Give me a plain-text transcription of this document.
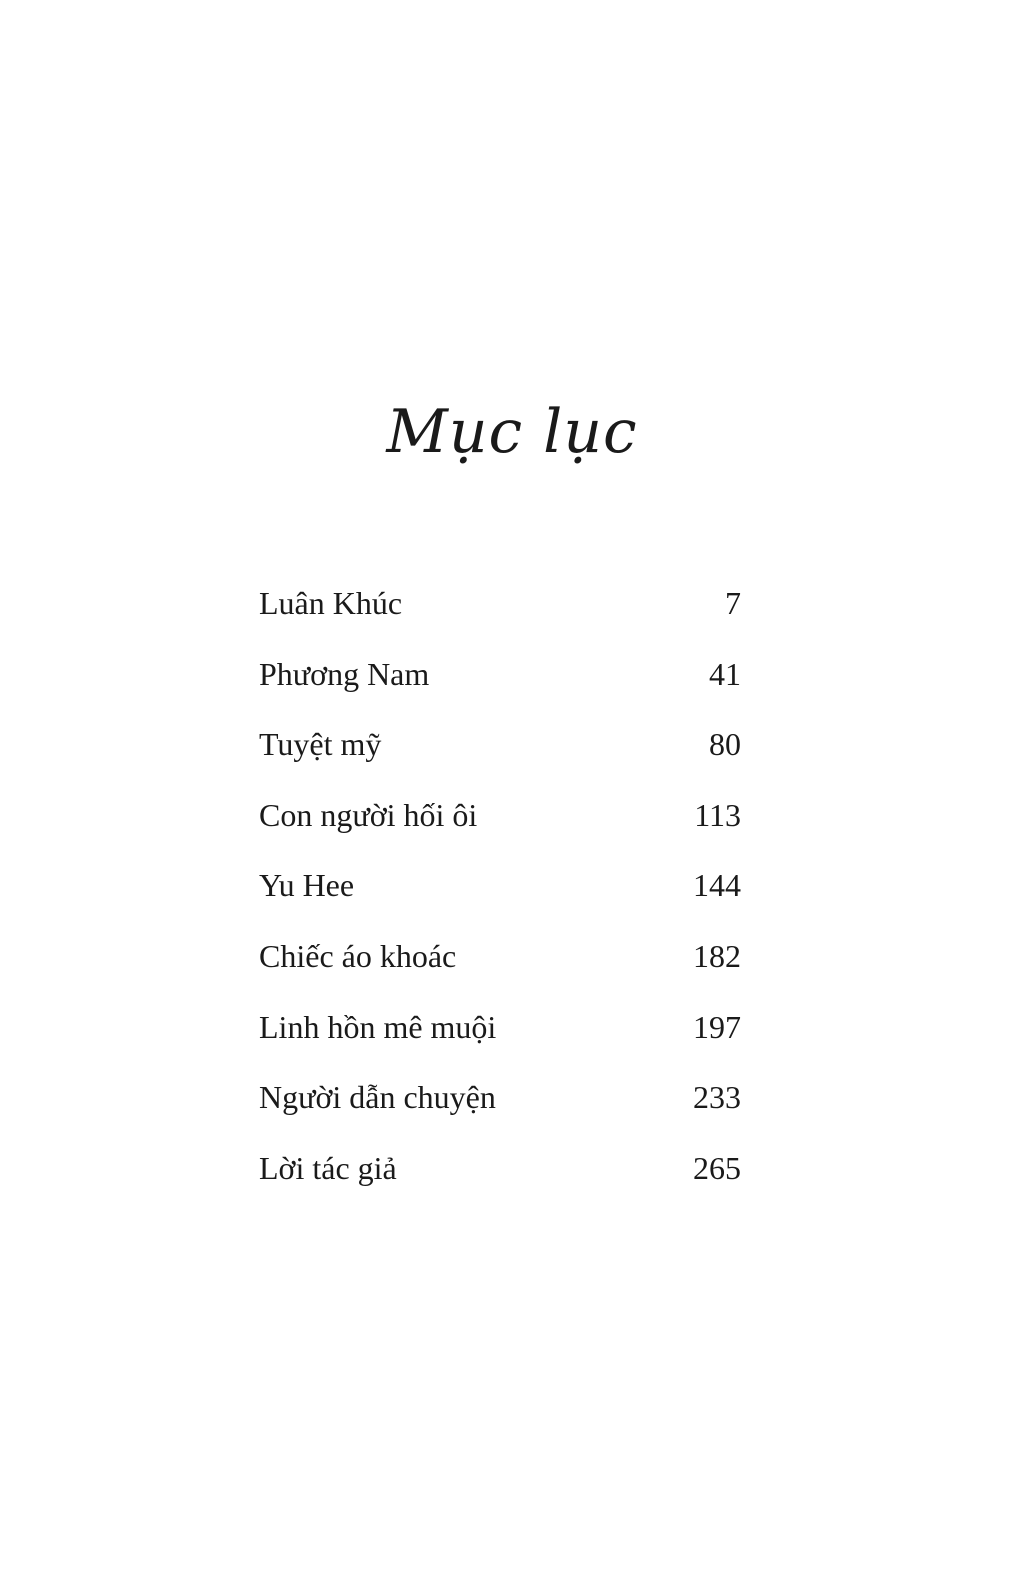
Mục lục
Luân Khúc	7
Phương Nam	41
Tuyệt mỹ	80
Con người hối ôi	113
Yu Hee	144
Chiếc áo khoác	182
Linh hồn mê muội	197
Người dẫn chuyện	233
Lời tác giả	265
